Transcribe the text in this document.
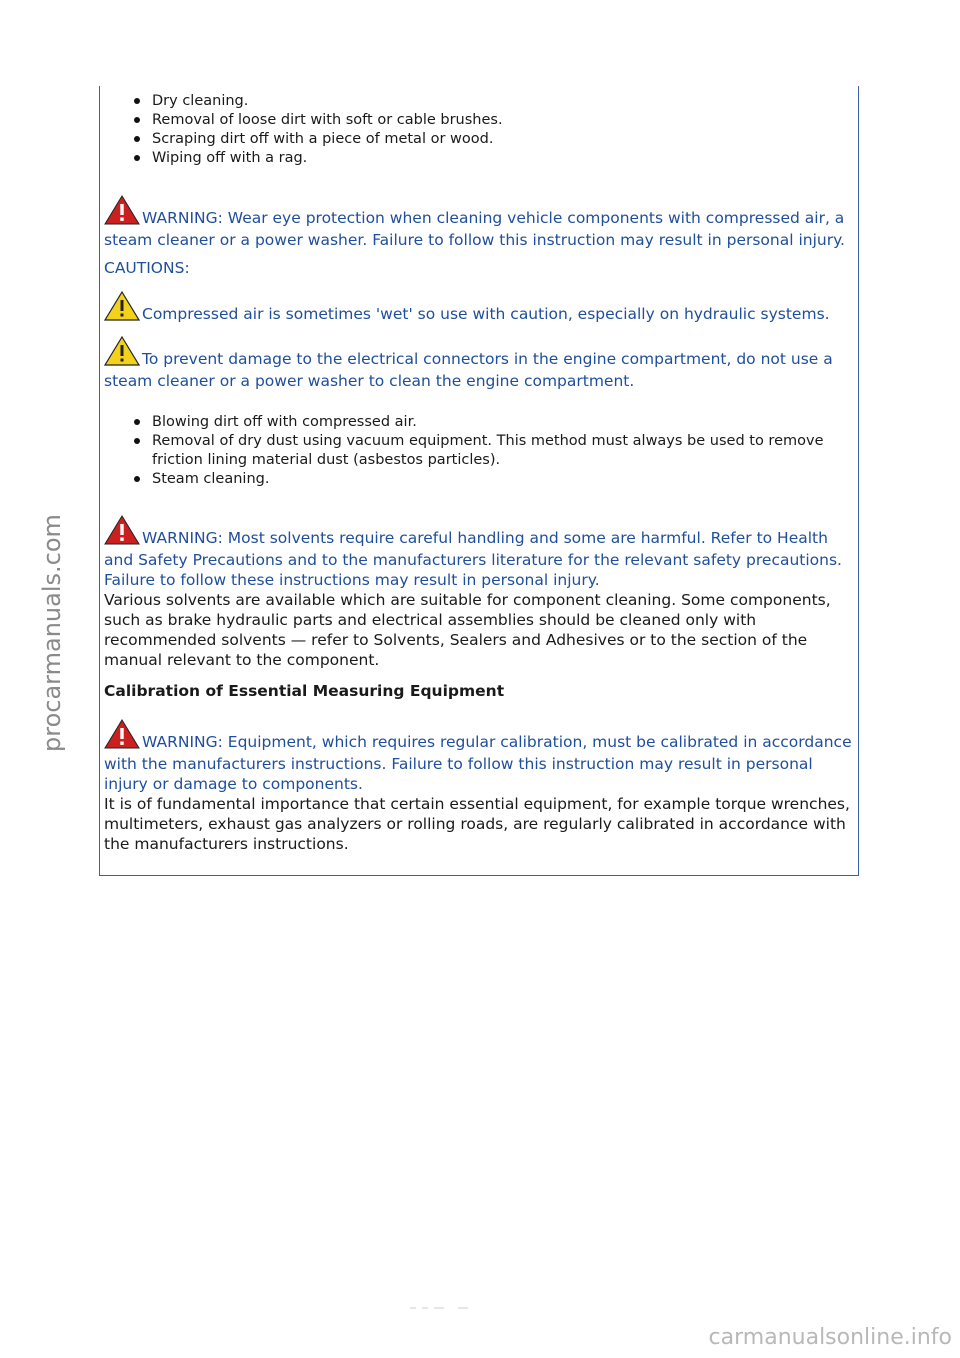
Dry cleaning.
Removal of loose dirt with soft or cable brushes.
Scraping dirt off with a piece of metal or wood.
Wiping off with a rag.

WARNING: Wear eye protection when cleaning vehicle components with compressed air, a steam cleaner or a power washer. Failure to follow this instruction may result in personal injury.

CAUTIONS:

Compressed air is sometimes 'wet' so use with caution, especially on hydraulic systems.

To prevent damage to the electrical connectors in the engine compartment, do not use a steam cleaner or a power washer to clean the engine compartment.

Blowing dirt off with compressed air.
Removal of dry dust using vacuum equipment. This method must always be used to remove friction lining material dust (asbestos particles).
Steam cleaning.

WARNING: Most solvents require careful handling and some are harmful. Refer to Health and Safety Precautions and to the manufacturers literature for the relevant safety precautions. Failure to follow these instructions may result in personal injury.

Various solvents are available which are suitable for component cleaning. Some components, such as brake hydraulic parts and electrical assemblies should be cleaned only with recommended solvents — refer to Solvents, Sealers and Adhesives or to the section of the manual relevant to the component.

Calibration of Essential Measuring Equipment

WARNING: Equipment, which requires regular calibration, must be calibrated in accordance with the manufacturers instructions. Failure to follow this instruction may result in personal injury or damage to components.

It is of fundamental importance that certain essential equipment, for example torque wrenches, multimeters, exhaust gas analyzers or rolling roads, are regularly calibrated in accordance with the manufacturers instructions.

procarmanuals.com
carmanualsonline.info
